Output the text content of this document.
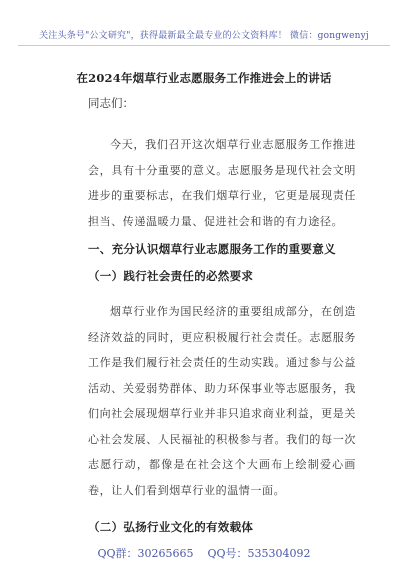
关注头条号"公文研究"，获得最新最全最专业的公文资料库！ 微信：gongwenyj
在2024年烟草行业志愿服务工作推进会上的讲话
同志们：
今天，我们召开这次烟草行业志愿服务工作推进会，具有十分重要的意义。志愿服务是现代社会文明进步的重要标志，在我们烟草行业，它更是展现责任担当、传递温暖力量、促进社会和谐的有力途径。
一、充分认识烟草行业志愿服务工作的重要意义
（一）践行社会责任的必然要求
烟草行业作为国民经济的重要组成部分，在创造经济效益的同时，更应积极履行社会责任。志愿服务工作是我们履行社会责任的生动实践。通过参与公益活动、关爱弱势群体、助力环保事业等志愿服务，我们向社会展现烟草行业并非只追求商业利益，更是关心社会发展、人民福祉的积极参与者。我们的每一次志愿行动，都像是在社会这个大画布上绘制爱心画卷，让人们看到烟草行业的温情一面。
（二）弘扬行业文化的有效载体
QQ群：30265665 QQ号：535304092
